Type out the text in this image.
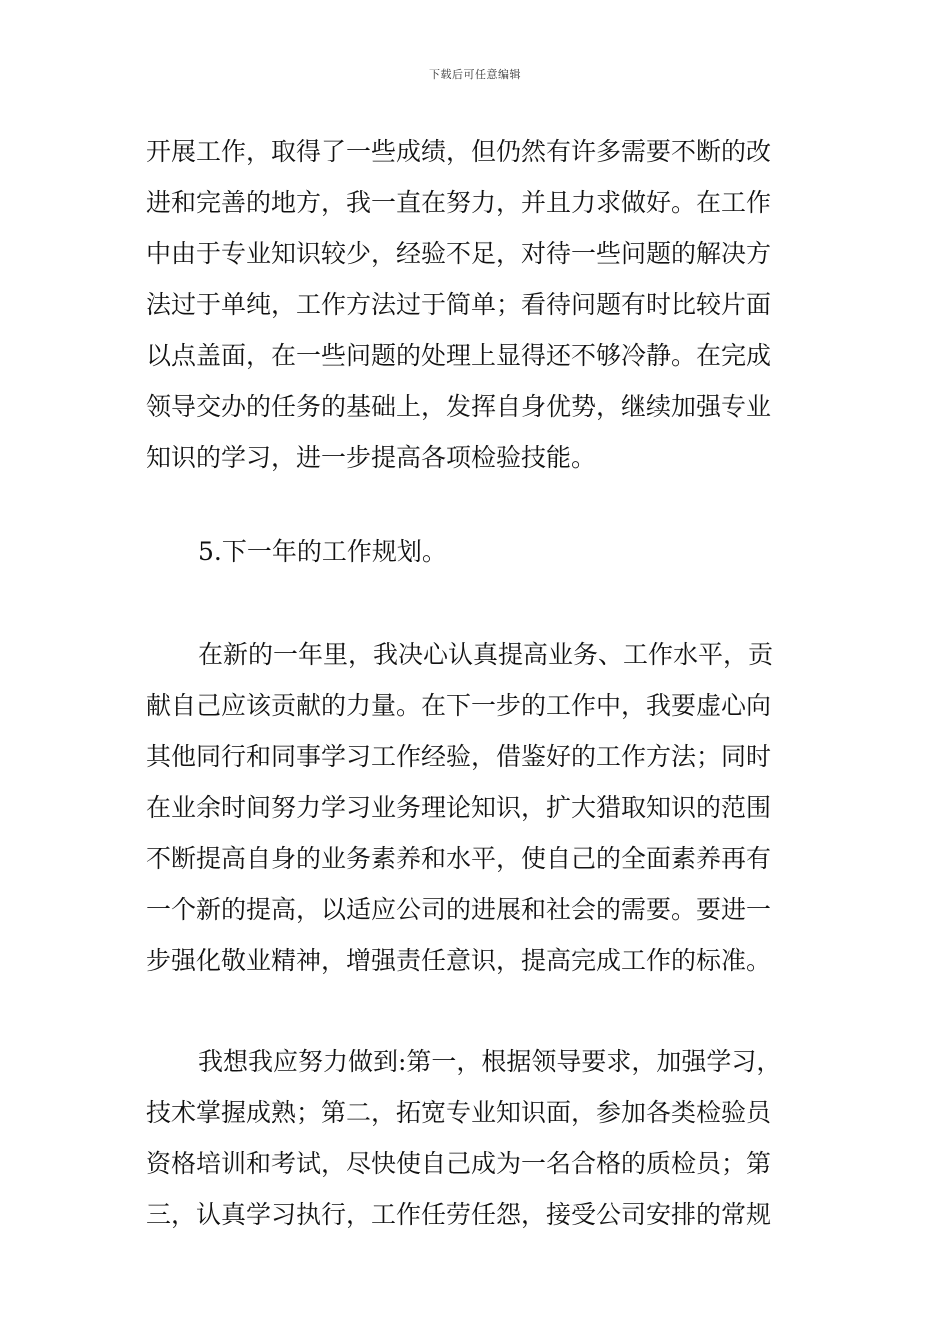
下载后可任意编辑

开展工作，取得了一些成绩，但仍然有许多需要不断的改
进和完善的地方，我一直在努力，并且力求做好。在工作
中由于专业知识较少，经验不足，对待一些问题的解决方
法过于单纯，工作方法过于简单；看待问题有时比较片面
以点盖面，在一些问题的处理上显得还不够冷静。在完成
领导交办的任务的基础上，发挥自身优势，继续加强专业
知识的学习，进一步提高各项检验技能。

5.下一年的工作规划。

在新的一年里，我决心认真提高业务、工作水平，贡
献自己应该贡献的力量。在下一步的工作中，我要虚心向
其他同行和同事学习工作经验，借鉴好的工作方法；同时
在业余时间努力学习业务理论知识，扩大猎取知识的范围
不断提高自身的业务素养和水平，使自己的全面素养再有
一个新的提高，以适应公司的进展和社会的需要。要进一
步强化敬业精神，增强责任意识，提高完成工作的标准。

我想我应努力做到:第一，根据领导要求，加强学习，
技术掌握成熟；第二，拓宽专业知识面，参加各类检验员
资格培训和考试，尽快使自己成为一名合格的质检员；第
三，认真学习执行，工作任劳任怨，接受公司安排的常规
